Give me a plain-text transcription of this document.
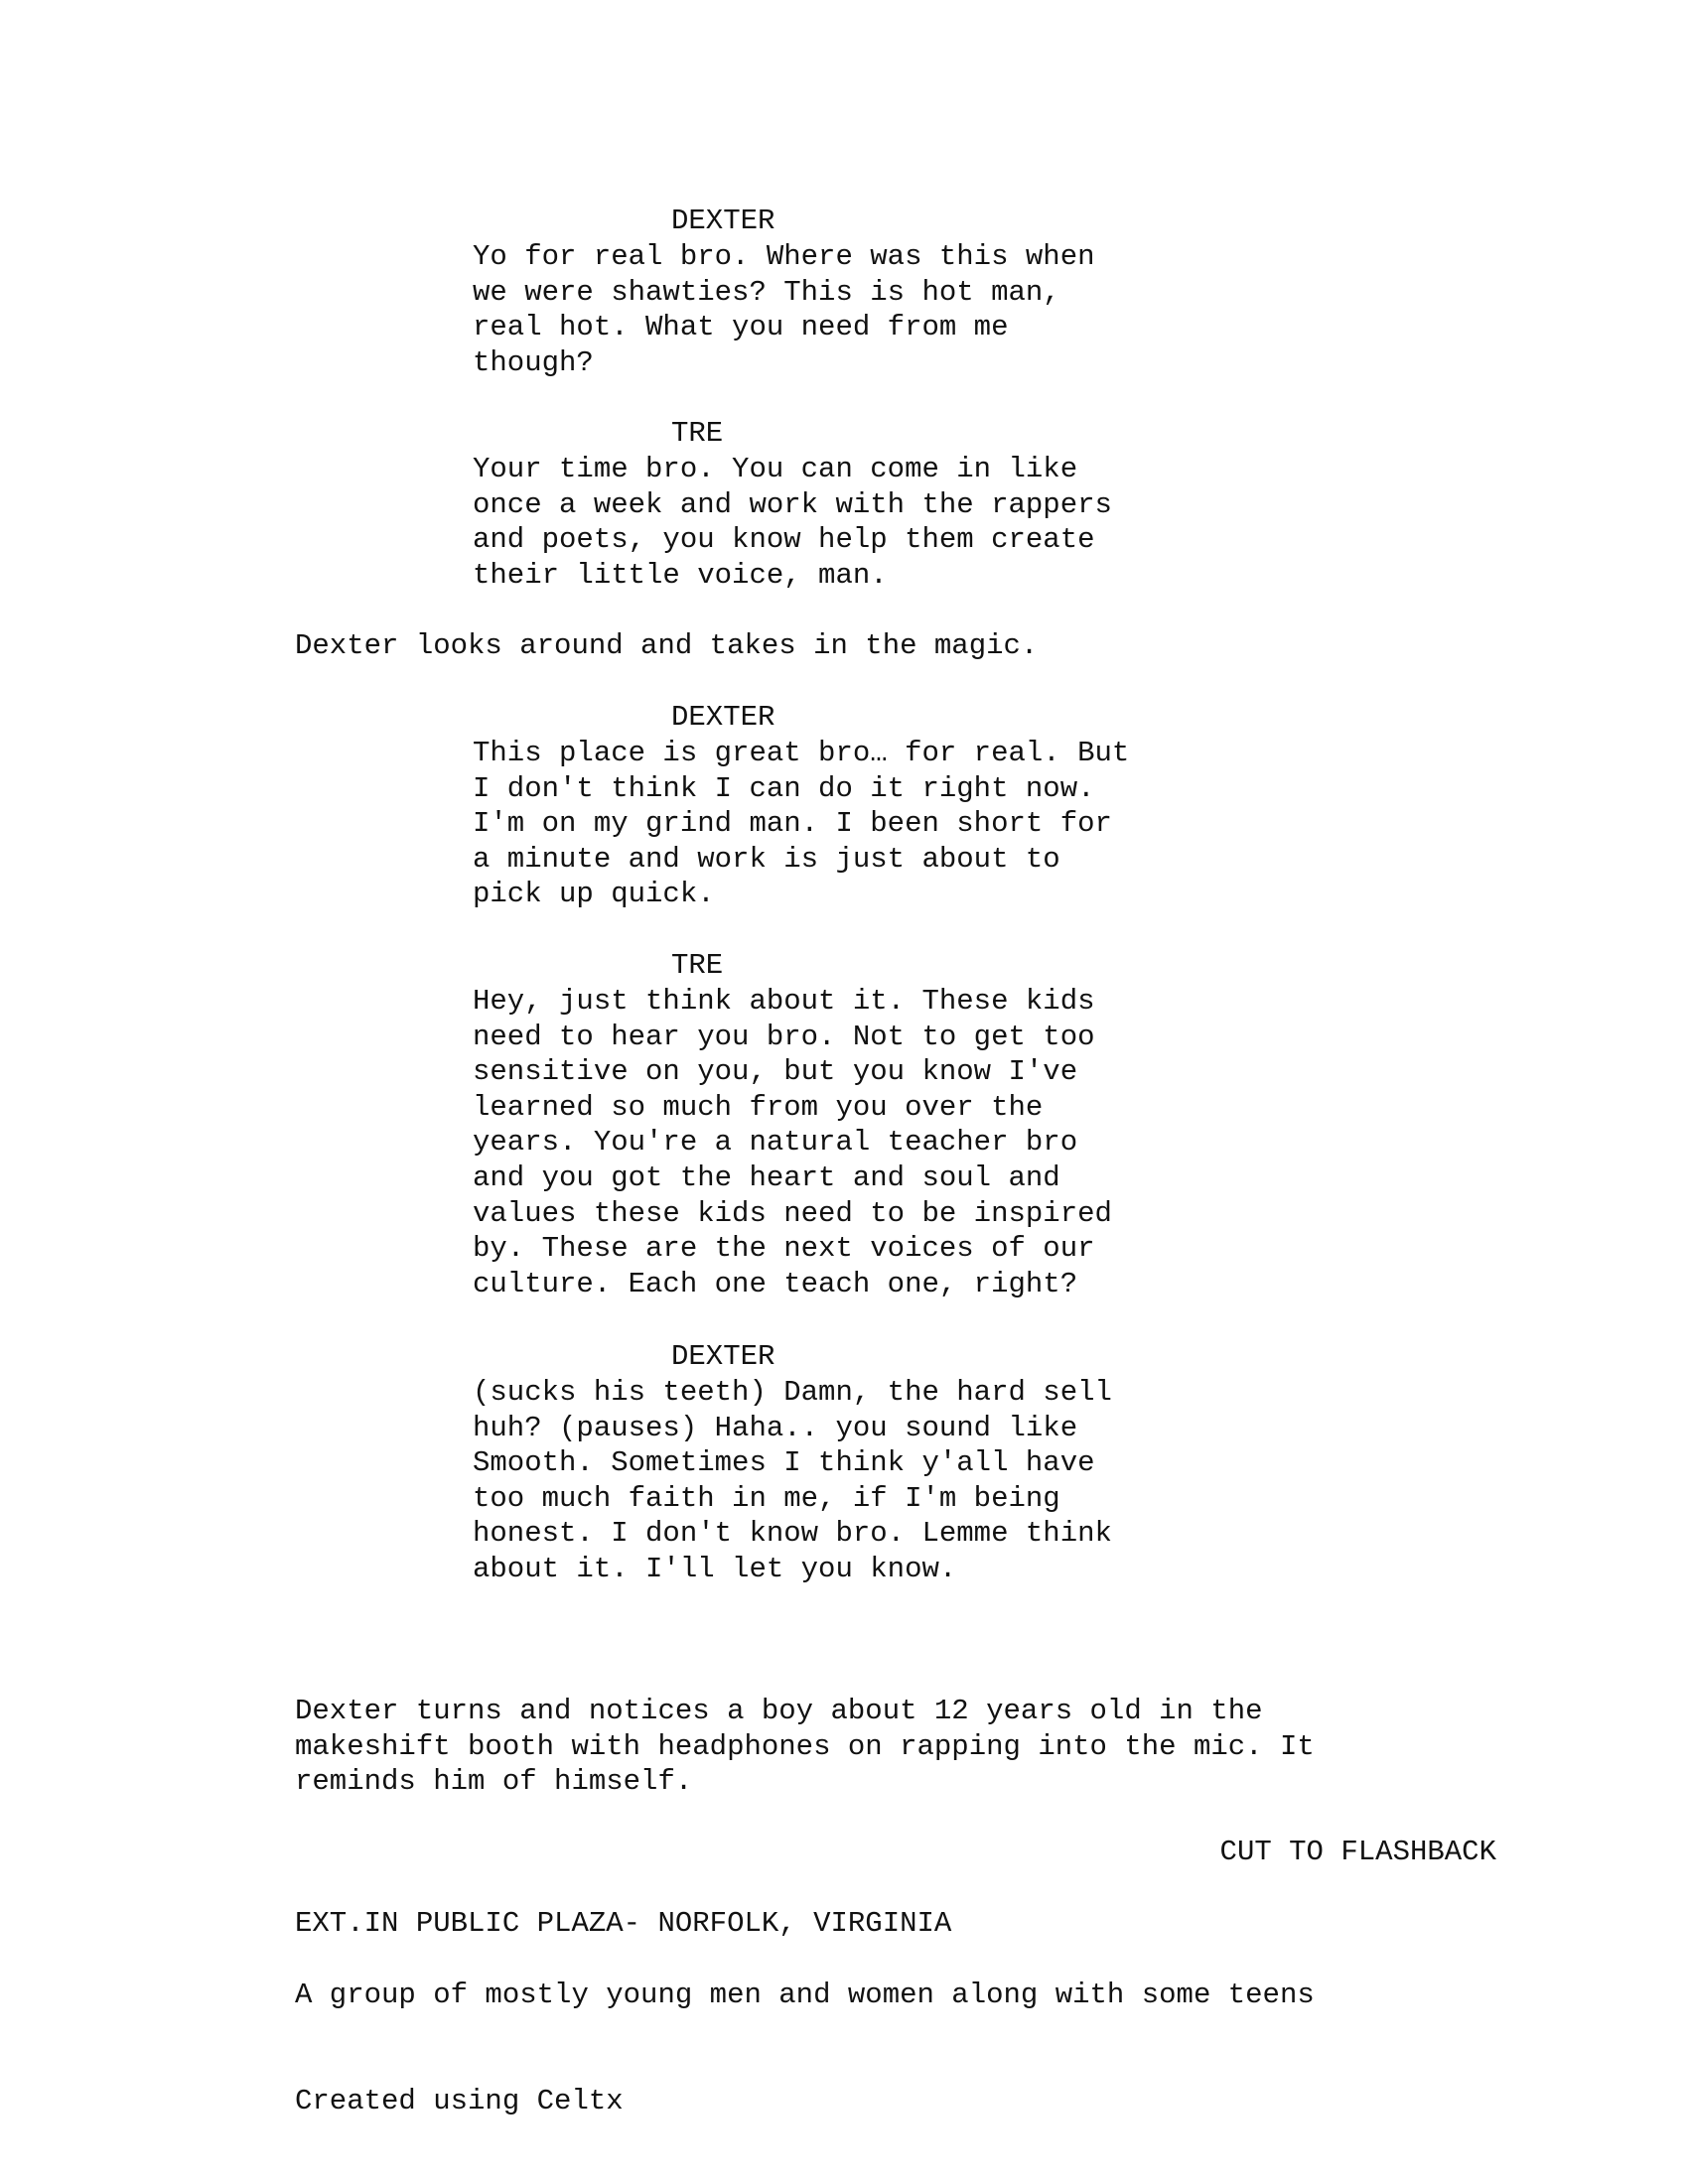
DEXTER
Yo for real bro. Where was this when
we were shawties? This is hot man,
real hot. What you need from me
though?
TRE
Your time bro. You can come in like
once a week and work with the rappers
and poets, you know help them create
their little voice, man.
Dexter looks around and takes in the magic.
DEXTER
This place is great bro… for real. But
I don't think I can do it right now.
I'm on my grind man. I been short for
a minute and work is just about to
pick up quick.
TRE
Hey, just think about it. These kids
need to hear you bro. Not to get too
sensitive on you, but you know I've
learned so much from you over the
years. You're a natural teacher bro
and you got the heart and soul and
values these kids need to be inspired
by. These are the next voices of our
culture. Each one teach one, right?
DEXTER
(sucks his teeth) Damn, the hard sell
huh? (pauses) Haha.. you sound like
Smooth. Sometimes I think y'all have
too much faith in me, if I'm being
honest. I don't know bro. Lemme think
about it. I'll let you know.
Dexter turns and notices a boy about 12 years old in the
makeshift booth with headphones on rapping into the mic. It
reminds him of himself.
CUT TO FLASHBACK
EXT.IN PUBLIC PLAZA- NORFOLK, VIRGINIA
A group of mostly young men and women along with some teens
Created using Celtx
